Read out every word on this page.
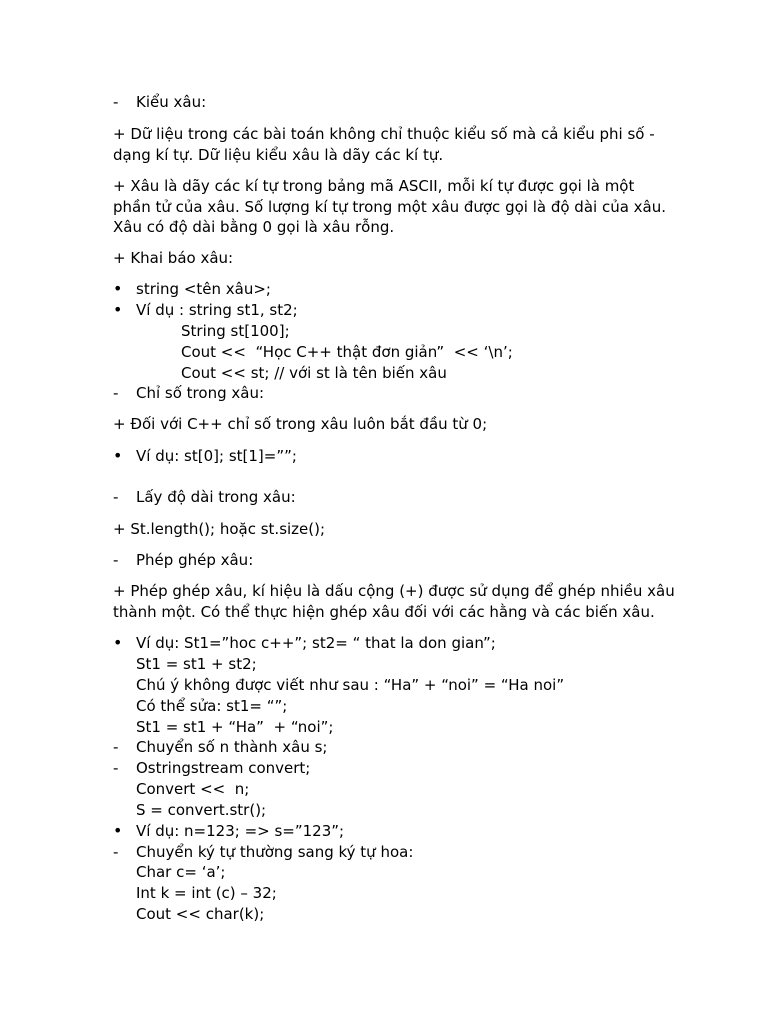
- Kiểu xâu:
+ Dữ liệu trong các bài toán không chỉ thuộc kiểu số mà cả kiểu phi số -
dạng kí tự. Dữ liệu kiểu xâu là dãy các kí tự.
+ Xâu là dãy các kí tự trong bảng mã ASCII, mỗi kí tự được gọi là một
phần tử của xâu. Số lượng kí tự trong một xâu được gọi là độ dài của xâu.
Xâu có độ dài bằng 0 gọi là xâu rỗng.
+ Khai báo xâu:
• string <tên xâu>;
• Ví dụ : string st1, st2;
String st[100];
Cout <<  “Học C++ thật đơn giản”  << ‘\n’;
Cout << st; // với st là tên biến xâu
- Chỉ số trong xâu:
+ Đối với C++ chỉ số trong xâu luôn bắt đầu từ 0;
• Ví dụ: st[0]; st[1]=””;
- Lấy độ dài trong xâu:
+ St.length(); hoặc st.size();
- Phép ghép xâu:
+ Phép ghép xâu, kí hiệu là dấu cộng (+) được sử dụng để ghép nhiều xâu
thành một. Có thể thực hiện ghép xâu đối với các hằng và các biến xâu.
• Ví dụ: St1=”hoc c++”; st2= “ that la don gian”;
St1 = st1 + st2;
Chú ý không được viết như sau : “Ha” + “noi” = “Ha noi”
Có thể sửa: st1= “”;
St1 = st1 + “Ha”  + “noi”;
- Chuyển số n thành xâu s;
- Ostringstream convert;
Convert <<  n;
S = convert.str();
• Ví dụ: n=123; => s=”123”;
- Chuyển ký tự thường sang ký tự hoa:
Char c= ‘a’;
Int k = int (c) – 32;
Cout << char(k);
